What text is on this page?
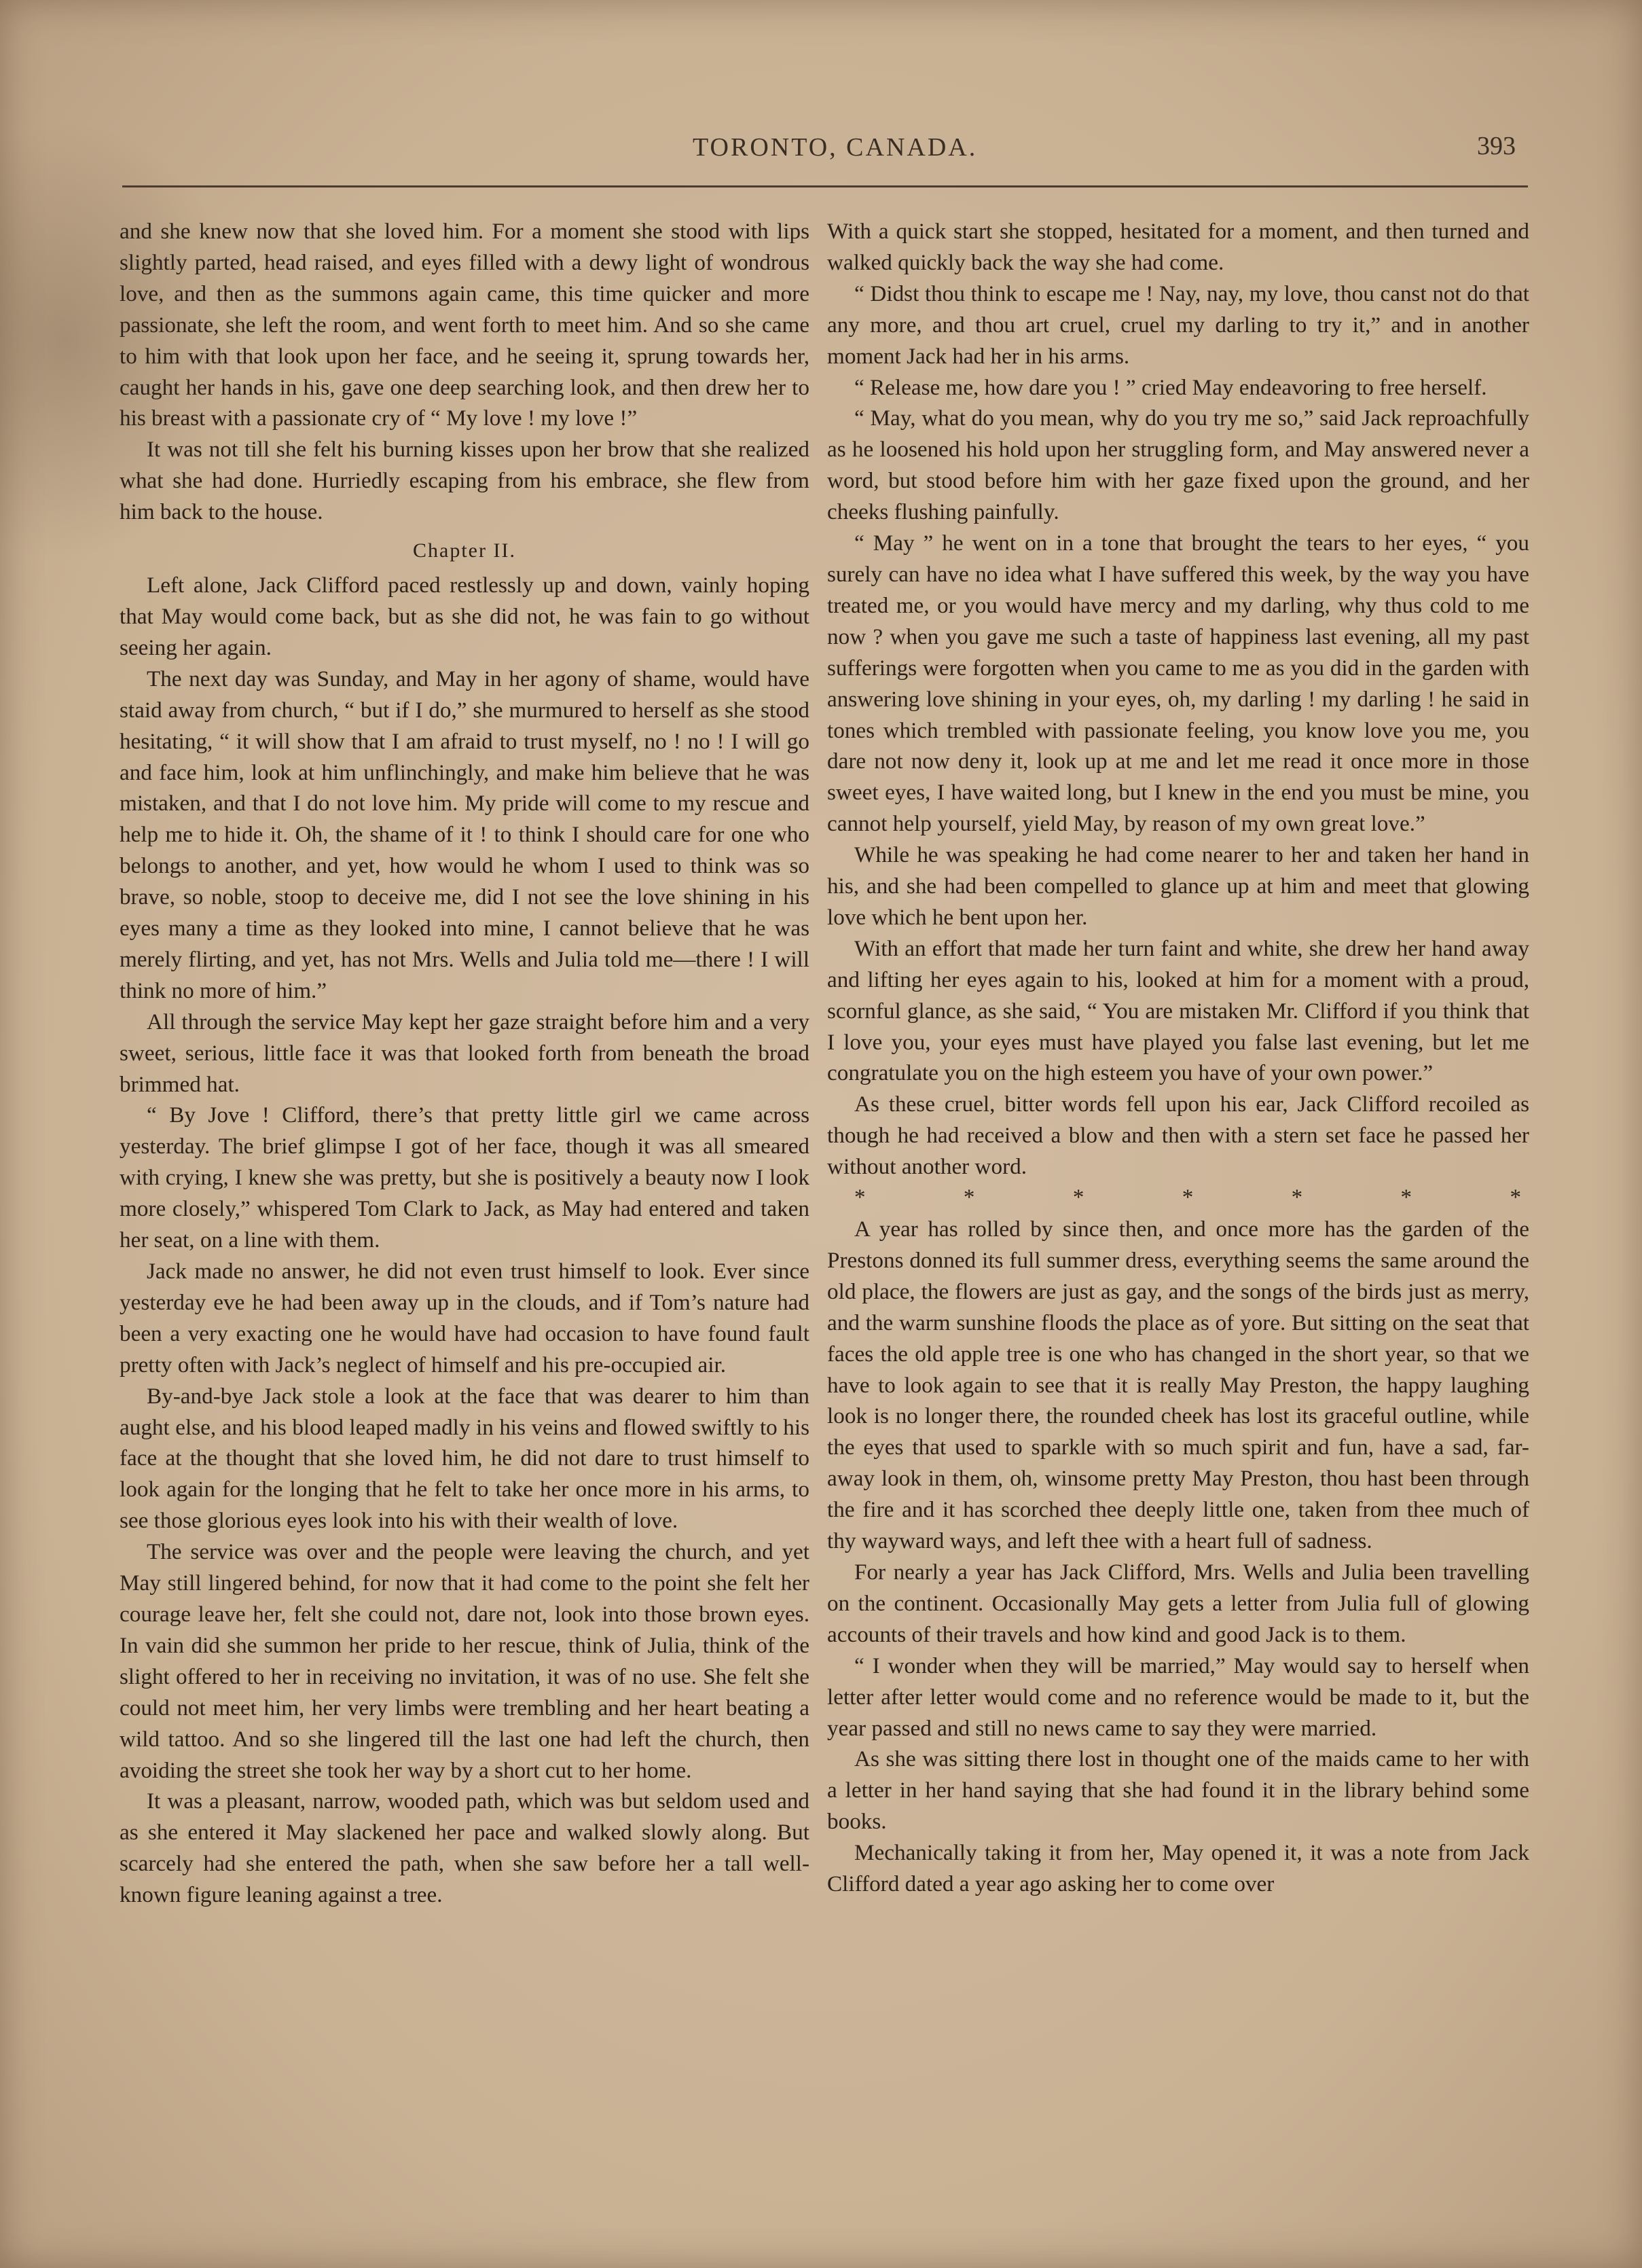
TORONTO, CANADA.	393

and she knew now that she loved him. For a moment she stood with lips slightly parted, head raised, and eyes filled with a dewy light of wondrous love, and then as the summons again came, this time quicker and more passionate, she left the room, and went forth to meet him. And so she came to him with that look upon her face, and he seeing it, sprung towards her, caught her hands in his, gave one deep searching look, and then drew her to his breast with a passionate cry of “ My love ! my love !”

It was not till she felt his burning kisses upon her brow that she realized what she had done. Hurriedly escaping from his embrace, she flew from him back to the house.

Chapter II.

Left alone, Jack Clifford paced restlessly up and down, vainly hoping that May would come back, but as she did not, he was fain to go without seeing her again.

The next day was Sunday, and May in her agony of shame, would have staid away from church, “ but if I do,” she murmured to herself as she stood hesitating, “ it will show that I am afraid to trust myself, no ! no ! I will go and face him, look at him unflinchingly, and make him believe that he was mistaken, and that I do not love him. My pride will come to my rescue and help me to hide it. Oh, the shame of it ! to think I should care for one who belongs to another, and yet, how would he whom I used to think was so brave, so noble, stoop to deceive me, did I not see the love shining in his eyes many a time as they looked into mine, I cannot believe that he was merely flirting, and yet, has not Mrs. Wells and Julia told me—there ! I will think no more of him.”

All through the service May kept her gaze straight before him and a very sweet, serious, little face it was that looked forth from beneath the broad brimmed hat.

“ By Jove ! Clifford, there’s that pretty little girl we came across yesterday. The brief glimpse I got of her face, though it was all smeared with crying, I knew she was pretty, but she is positively a beauty now I look more closely,” whispered Tom Clark to Jack, as May had entered and taken her seat, on a line with them.

Jack made no answer, he did not even trust himself to look. Ever since yesterday eve he had been away up in the clouds, and if Tom’s nature had been a very exacting one he would have had occasion to have found fault pretty often with Jack’s neglect of himself and his pre-occupied air.

By-and-bye Jack stole a look at the face that was dearer to him than aught else, and his blood leaped madly in his veins and flowed swiftly to his face at the thought that she loved him, he did not dare to trust himself to look again for the longing that he felt to take her once more in his arms, to see those glorious eyes look into his with their wealth of love.

The service was over and the people were leaving the church, and yet May still lingered behind, for now that it had come to the point she felt her courage leave her, felt she could not, dare not, look into those brown eyes. In vain did she summon her pride to her rescue, think of Julia, think of the slight offered to her in receiving no invitation, it was of no use. She felt she could not meet him, her very limbs were trembling and her heart beating a wild tattoo. And so she lingered till the last one had left the church, then avoiding the street she took her way by a short cut to her home.

It was a pleasant, narrow, wooded path, which was but seldom used and as she entered it May slackened her pace and walked slowly along. But scarcely had she entered the path, when she saw before her a tall well-known figure leaning against a tree.

With a quick start she stopped, hesitated for a moment, and then turned and walked quickly back the way she had come.

“ Didst thou think to escape me ! Nay, nay, my love, thou canst not do that any more, and thou art cruel, cruel my darling to try it,” and in another moment Jack had her in his arms.

“ Release me, how dare you ! ” cried May endeavoring to free herself.

“ May, what do you mean, why do you try me so,” said Jack reproachfully as he loosened his hold upon her struggling form, and May answered never a word, but stood before him with her gaze fixed upon the ground, and her cheeks flushing painfully.

“ May ” he went on in a tone that brought the tears to her eyes, “ you surely can have no idea what I have suffered this week, by the way you have treated me, or you would have mercy and my darling, why thus cold to me now ? when you gave me such a taste of happiness last evening, all my past sufferings were forgotten when you came to me as you did in the garden with answering love shining in your eyes, oh, my darling ! my darling ! he said in tones which trembled with passionate feeling, you know love you me, you dare not now deny it, look up at me and let me read it once more in those sweet eyes, I have waited long, but I knew in the end you must be mine, you cannot help yourself, yield May, by reason of my own great love.”

While he was speaking he had come nearer to her and taken her hand in his, and she had been compelled to glance up at him and meet that glowing love which he bent upon her.

With an effort that made her turn faint and white, she drew her hand away and lifting her eyes again to his, looked at him for a moment with a proud, scornful glance, as she said, “ You are mistaken Mr. Clifford if you think that I love you, your eyes must have played you false last evening, but let me congratulate you on the high esteem you have of your own power.”

As these cruel, bitter words fell upon his ear, Jack Clifford recoiled as though he had received a blow and then with a stern set face he passed her without another word.

*	*	*	*	*	*	*

A year has rolled by since then, and once more has the garden of the Prestons donned its full summer dress, everything seems the same around the old place, the flowers are just as gay, and the songs of the birds just as merry, and the warm sunshine floods the place as of yore. But sitting on the seat that faces the old apple tree is one who has changed in the short year, so that we have to look again to see that it is really May Preston, the happy laughing look is no longer there, the rounded cheek has lost its graceful outline, while the eyes that used to sparkle with so much spirit and fun, have a sad, far-away look in them, oh, winsome pretty May Preston, thou hast been through the fire and it has scorched thee deeply little one, taken from thee much of thy wayward ways, and left thee with a heart full of sadness.

For nearly a year has Jack Clifford, Mrs. Wells and Julia been travelling on the continent. Occasionally May gets a letter from Julia full of glowing accounts of their travels and how kind and good Jack is to them.

“ I wonder when they will be married,” May would say to herself when letter after letter would come and no reference would be made to it, but the year passed and still no news came to say they were married.

As she was sitting there lost in thought one of the maids came to her with a letter in her hand saying that she had found it in the library behind some books.

Mechanically taking it from her, May opened it, it was a note from Jack Clifford dated a year ago asking her to come over
